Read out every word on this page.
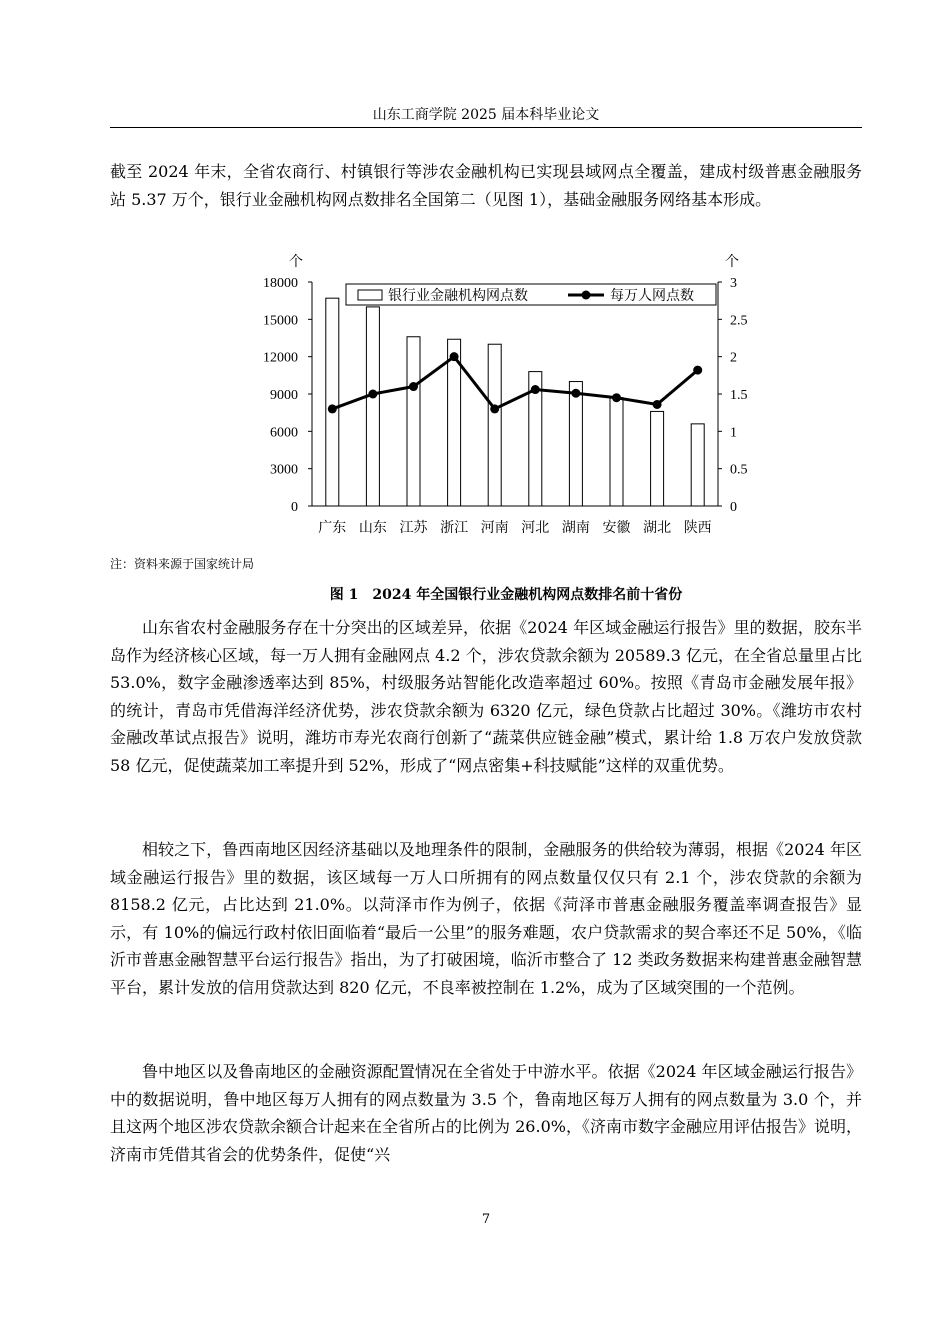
山东工商学院 2025 届本科毕业论文

截至 2024 年末，全省农商行、村镇银行等涉农金融机构已实现县域网点全覆盖，建成村级普惠金融服务站 5.37 万个，银行业金融机构网点数排名全国第二（见图 1），基础金融服务网络基本形成。

0
3000
6000
9000
12000
15000
18000
0
0.5
1
1.5
2
2.5
3
个	个
广东 山东 江苏 浙江 河南 河北 湖南 安徽 湖北 陕西
银行业金融机构网点数	每万人网点数
注：资料来源于国家统计局
图 1　2024 年全国银行业金融机构网点数排名前十省份

山东省农村金融服务存在十分突出的区域差异，依据《2024 年区域金融运行报告》里的数据，胶东半岛作为经济核心区域，每一万人拥有金融网点 4.2 个，涉农贷款余额为 20589.3 亿元，在全省总量里占比 53.0%，数字金融渗透率达到 85%，村级服务站智能化改造率超过 60%。按照《青岛市金融发展年报》的统计，青岛市凭借海洋经济优势，涉农贷款余额为 6320 亿元，绿色贷款占比超过 30%。《潍坊市农村金融改革试点报告》说明，潍坊市寿光农商行创新了“蔬菜供应链金融”模式，累计给 1.8 万农户发放贷款 58 亿元，促使蔬菜加工率提升到 52%，形成了“网点密集+科技赋能”这样的双重优势。

相较之下，鲁西南地区因经济基础以及地理条件的限制，金融服务的供给较为薄弱，根据《2024 年区域金融运行报告》里的数据，该区域每一万人口所拥有的网点数量仅仅只有 2.1 个，涉农贷款的余额为 8158.2 亿元，占比达到 21.0%。以菏泽市作为例子，依据《菏泽市普惠金融服务覆盖率调查报告》显示，有 10%的偏远行政村依旧面临着“最后一公里”的服务难题，农户贷款需求的契合率还不足 50%，《临沂市普惠金融智慧平台运行报告》指出，为了打破困境，临沂市整合了 12 类政务数据来构建普惠金融智慧平台，累计发放的信用贷款达到 820 亿元，不良率被控制在 1.2%，成为了区域突围的一个范例。

鲁中地区以及鲁南地区的金融资源配置情况在全省处于中游水平。依据《2024 年区域金融运行报告》中的数据说明，鲁中地区每万人拥有的网点数量为 3.5 个，鲁南地区每万人拥有的网点数量为 3.0 个，并且这两个地区涉农贷款余额合计起来在全省所占的比例为 26.0%，《济南市数字金融应用评估报告》说明，济南市凭借其省会的优势条件，促使“兴

7
